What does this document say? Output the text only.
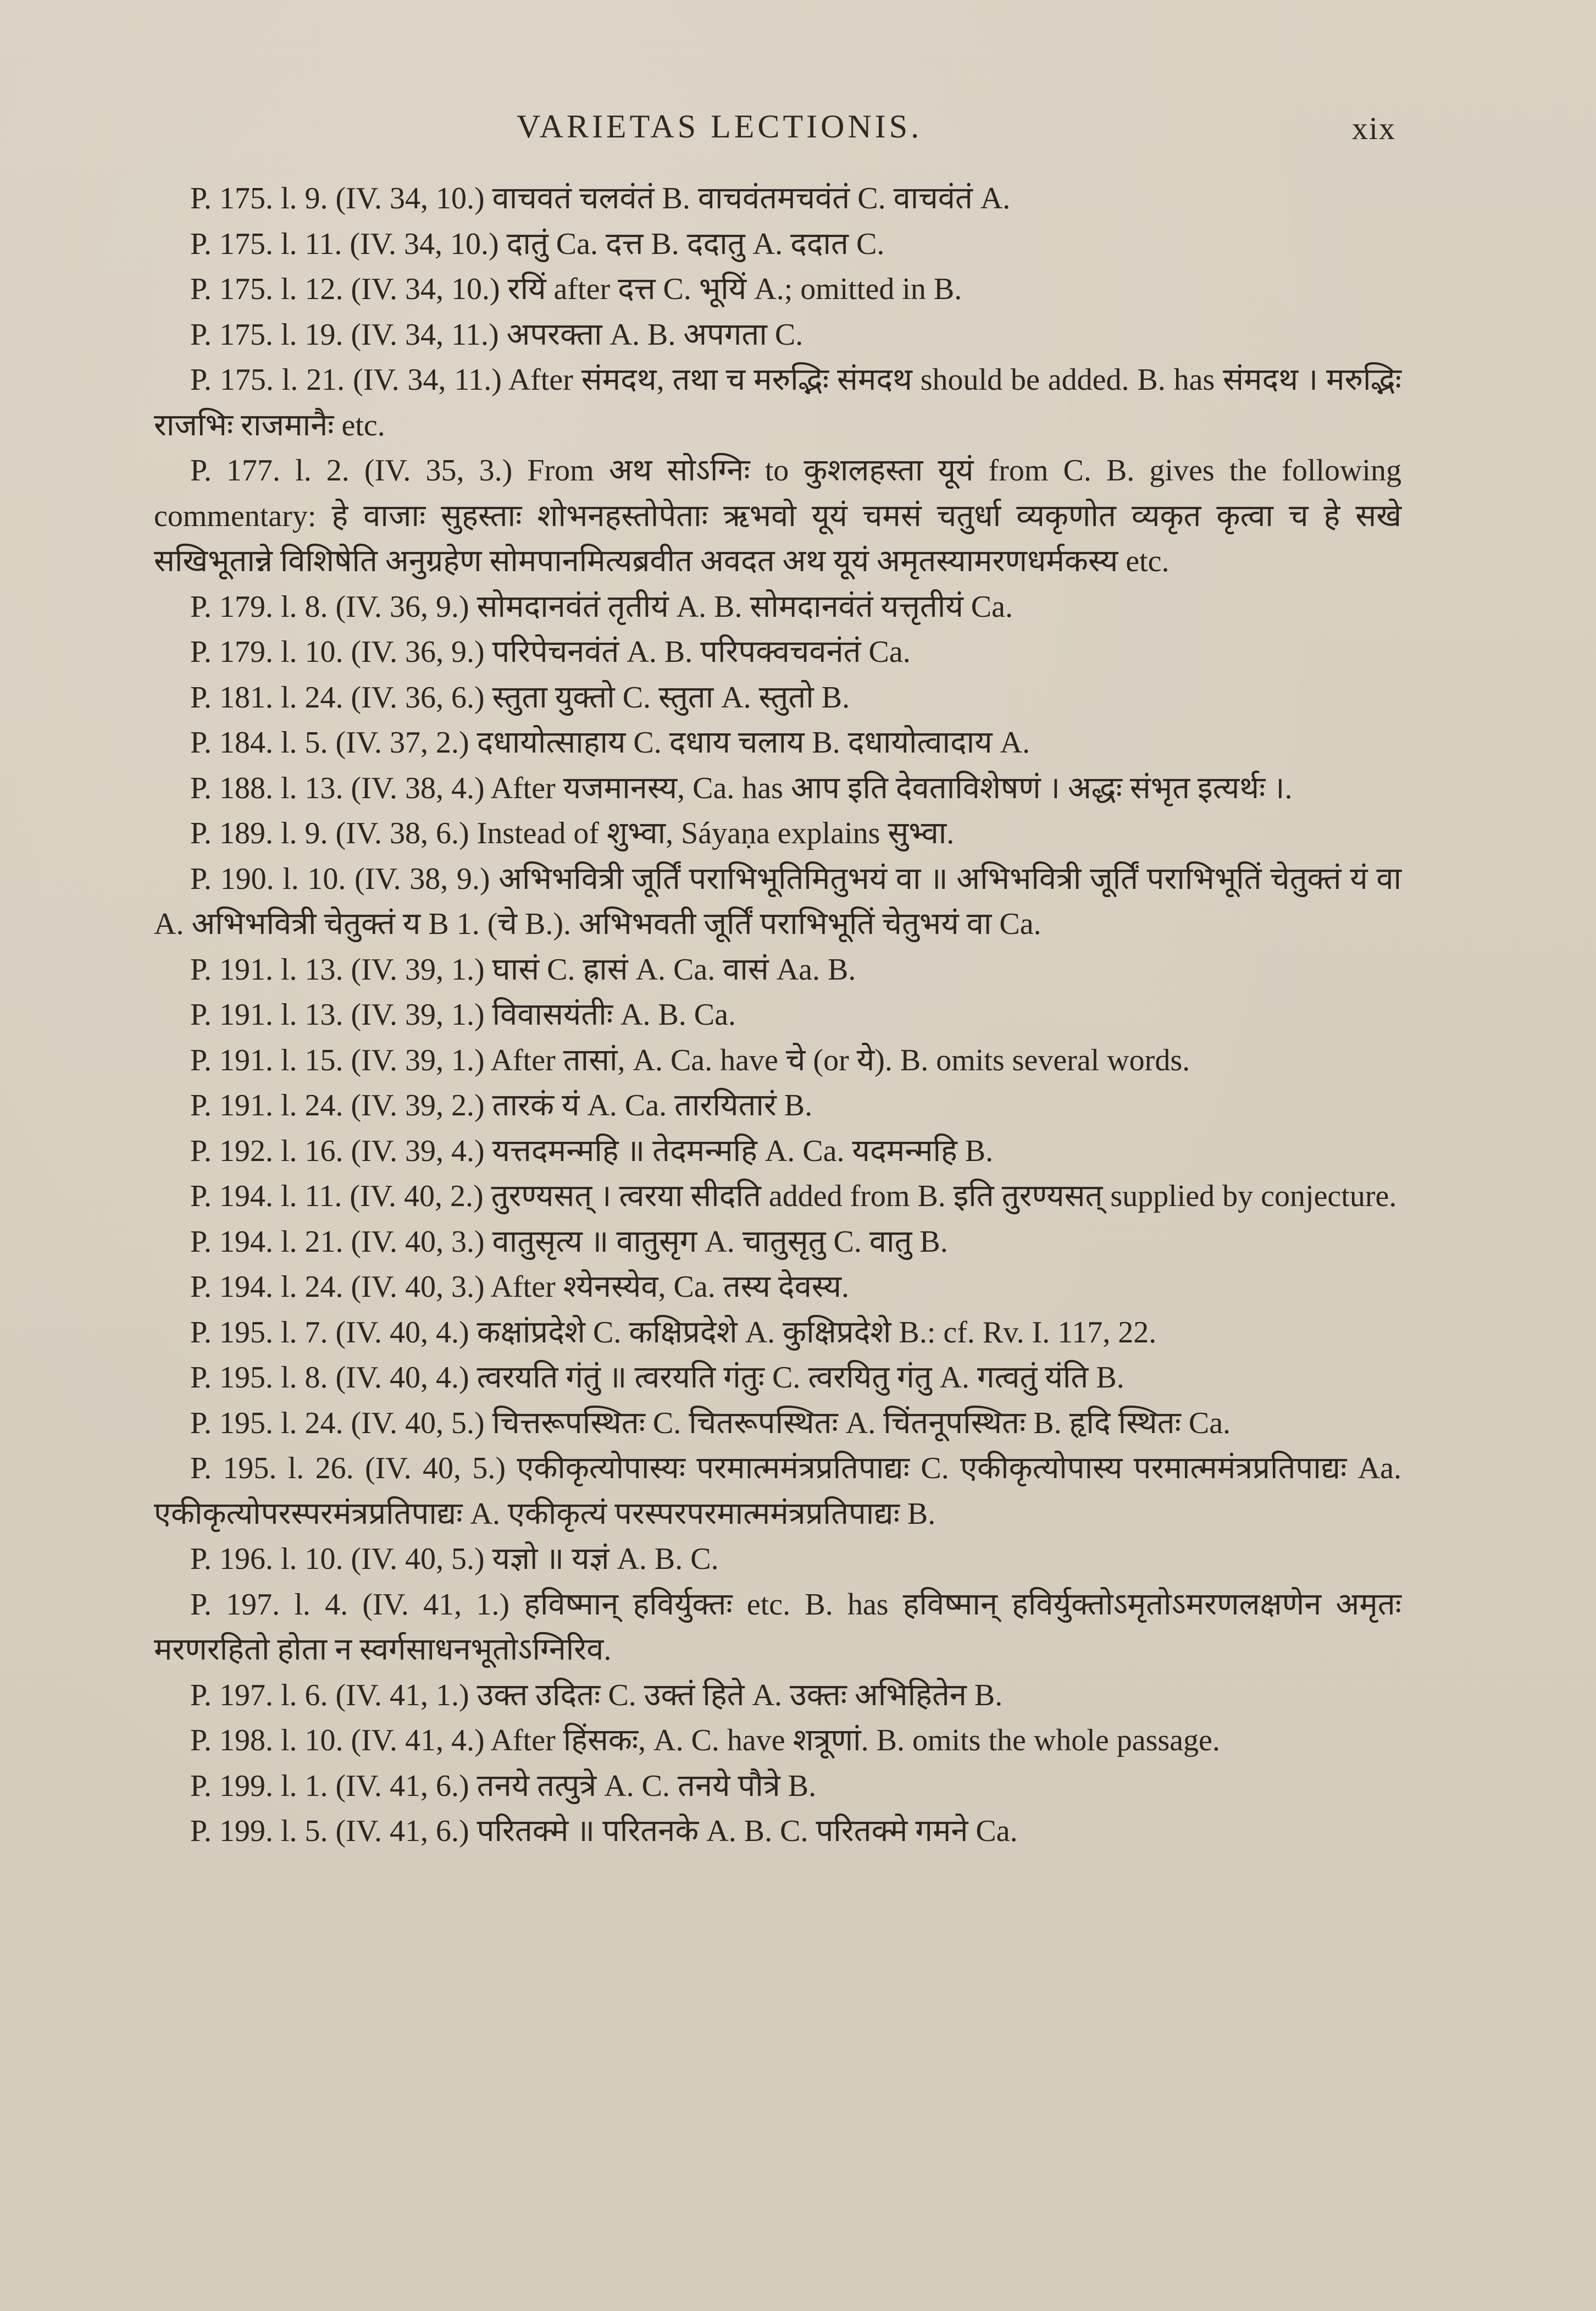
VARIETAS LECTIONIS.	xix

P. 175. l. 9. (IV. 34, 10.) वाचवतं चलवंतं B. वाचवंतमचवंतं C. वाचवंतं A.

P. 175. l. 11. (IV. 34, 10.) दातुं Ca. दत्त B. ददातु A. ददात C.

P. 175. l. 12. (IV. 34, 10.) रयिं after दत्त C. भूयिं A.; omitted in B.

P. 175. l. 19. (IV. 34, 11.) अपरक्ता A. B. अपगता C.

P. 175. l. 21. (IV. 34, 11.) After संमदथ, तथा च मरुद्भिः संमदथ should be added. B. has संमदथ । मरुद्भिः राजभिः राजमानैः etc.

P. 177. l. 2. (IV. 35, 3.) From अथ सोऽग्निः to कुशलहस्ता यूयं from C. B. gives the following commentary: हे वाजाः सुहस्ताः शोभनहस्तोपेताः ऋभवो यूयं चमसं चतुर्धा व्यकृणोत व्यकृत कृत्वा च हे सखे सखिभूतान्ने विशिषेति अनुग्रहेण सोमपानमित्यब्रवीत अवदत अथ यूयं अमृतस्यामरणधर्मकस्य etc.

P. 179. l. 8. (IV. 36, 9.) सोमदानवंतं तृतीयं A. B. सोमदानवंतं यत्तृतीयं Ca.

P. 179. l. 10. (IV. 36, 9.) परिपेचनवंतं A. B. परिपक्वचवनंतं Ca.

P. 181. l. 24. (IV. 36, 6.) स्तुता युक्तो C. स्तुता A. स्तुतो B.

P. 184. l. 5. (IV. 37, 2.) दधायोत्साहाय C. दधाय चलाय B. दधायोत्वादाय A.

P. 188. l. 13. (IV. 38, 4.) After यजमानस्य, Ca. has आप इति देवताविशेषणं । अद्धः संभृत इत्यर्थः ।.

P. 189. l. 9. (IV. 38, 6.) Instead of शुभ्वा, Sáyaṇa explains सुभ्वा.

P. 190. l. 10. (IV. 38, 9.) अभिभवित्री जूर्तिं पराभिभूतिमितुभयं वा ॥ अभिभवित्री जूर्तिं पराभिभूतिं चेतुक्तं यं वा A. अभिभवित्री चेतुक्तं य B 1. (चे B.). अभिभवती जूर्तिं पराभिभूतिं चेतुभयं वा Ca.

P. 191. l. 13. (IV. 39, 1.) घासं C. ह्रासं A. Ca. वासं Aa. B.

P. 191. l. 13. (IV. 39, 1.) विवासयंतीः A. B. Ca.

P. 191. l. 15. (IV. 39, 1.) After तासां, A. Ca. have चे (or ये). B. omits several words.

P. 191. l. 24. (IV. 39, 2.) तारकं यं A. Ca. तारयितारं B.

P. 192. l. 16. (IV. 39, 4.) यत्तदमन्महि ॥ तेदमन्महि A. Ca. यदमन्महि B.

P. 194. l. 11. (IV. 40, 2.) तुरण्यसत् । त्वरया सीदति added from B. इति तुरण्यसत् supplied by conjecture.

P. 194. l. 21. (IV. 40, 3.) वातुसृत्य ॥ वातुसृग A. चातुसृतु C. वातु B.

P. 194. l. 24. (IV. 40, 3.) After श्येनस्येव, Ca. तस्य देवस्य.

P. 195. l. 7. (IV. 40, 4.) कक्षांप्रदेशे C. कक्षिप्रदेशे A. कुक्षिप्रदेशे B.: cf. Rv. I. 117, 22.

P. 195. l. 8. (IV. 40, 4.) त्वरयति गंतुं ॥ त्वरयति गंतुः C. त्वरयितु गंतु A. गत्वतुं यंति B.

P. 195. l. 24. (IV. 40, 5.) चित्तरूपस्थितः C. चितरूपस्थितः A. चिंतनूपस्थितः B. हृदि स्थितः Ca.

P. 195. l. 26. (IV. 40, 5.) एकीकृत्योपास्यः परमात्ममंत्रप्रतिपाद्यः C. एकीकृत्योपास्य परमात्ममंत्रप्रतिपाद्यः Aa. एकीकृत्योपरस्परमंत्रप्रतिपाद्यः A. एकीकृत्यं परस्परपरमात्ममंत्रप्रतिपाद्यः B.

P. 196. l. 10. (IV. 40, 5.) यज्ञो ॥ यज्ञं A. B. C.

P. 197. l. 4. (IV. 41, 1.) हविष्मान् हविर्युक्तः etc. B. has हविष्मान् हविर्युक्तोऽमृतोऽमरणलक्षणेन अमृतः मरणरहितो होता न स्वर्गसाधनभूतोऽग्निरिव.

P. 197. l. 6. (IV. 41, 1.) उक्त उदितः C. उक्तं हिते A. उक्तः अभिहितेन B.

P. 198. l. 10. (IV. 41, 4.) After हिंसकः, A. C. have शत्रूणां. B. omits the whole passage.

P. 199. l. 1. (IV. 41, 6.) तनये तत्पुत्रे A. C. तनये पौत्रे B.

P. 199. l. 5. (IV. 41, 6.) परितक्मे ॥ परितनके A. B. C. परितक्मे गमने Ca.
